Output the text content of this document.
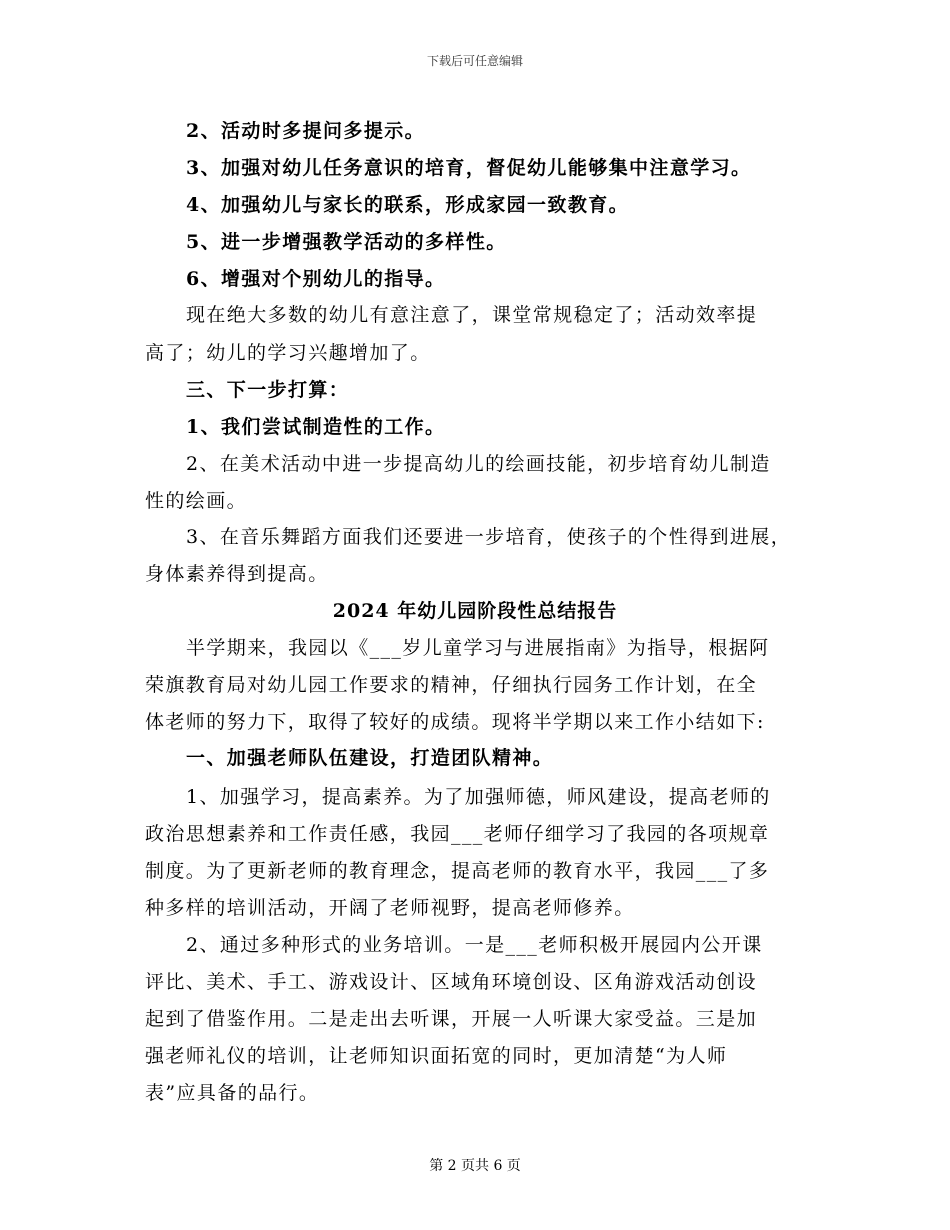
下载后可任意编辑
2、活动时多提问多提示。
3、加强对幼儿任务意识的培育，督促幼儿能够集中注意学习。
4、加强幼儿与家长的联系，形成家园一致教育。
5、进一步增强教学活动的多样性。
6、增强对个别幼儿的指导。
现在绝大多数的幼儿有意注意了，课堂常规稳定了；活动效率提
高了；幼儿的学习兴趣增加了。
三、下一步打算：
1、我们尝试制造性的工作。
2、在美术活动中进一步提高幼儿的绘画技能，初步培育幼儿制造
性的绘画。
3、在音乐舞蹈方面我们还要进一步培育，使孩子的个性得到进展，
身体素养得到提高。
2024 年幼儿园阶段性总结报告
半学期来，我园以《___岁儿童学习与进展指南》为指导，根据阿
荣旗教育局对幼儿园工作要求的精神，仔细执行园务工作计划，在全
体老师的努力下，取得了较好的成绩。现将半学期以来工作小结如下:
一、加强老师队伍建设，打造团队精神。
1、加强学习，提高素养。为了加强师德，师风建设，提高老师的
政治思想素养和工作责任感，我园___老师仔细学习了我园的各项规章
制度。为了更新老师的教育理念，提高老师的教育水平，我园___了多
种多样的培训活动，开阔了老师视野，提高老师修养。
2、通过多种形式的业务培训。一是___老师积极开展园内公开课
评比、美术、手工、游戏设计、区域角环境创设、区角游戏活动创设
起到了借鉴作用。二是走出去听课，开展一人听课大家受益。三是加
强老师礼仪的培训，让老师知识面拓宽的同时，更加清楚“为人师
表”应具备的品行。
第 2 页共 6 页
